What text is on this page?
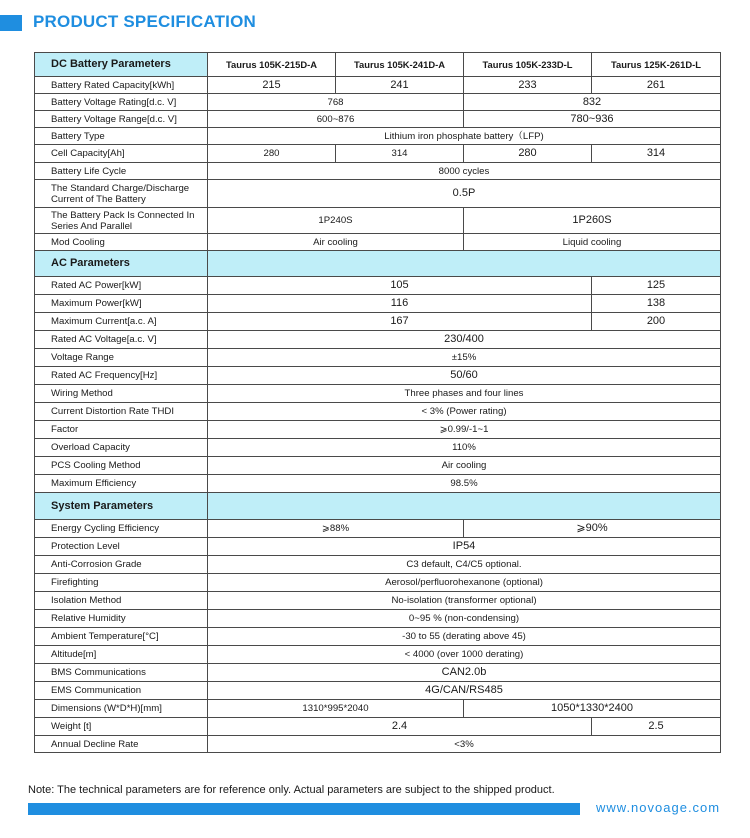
PRODUCT SPECIFICATION
DC Battery Parameters	Taurus 105K-215D-A	Taurus 105K-241D-A	Taurus 105K-233D-L	Taurus 125K-261D-L
Battery Rated Capacity[kWh]	215	241	233	261
Battery Voltage Rating[d.c. V]	768		832	
Battery Voltage Range[d.c. V]	600~876		780~936	
Battery Type	Lithium iron phosphate battery（LFP)			
Cell Capacity[Ah]	280	314	280	314
Battery Life Cycle	8000 cycles			
The Standard Charge/Discharge Current of The Battery	0.5P			
The Battery Pack Is Connected In Series And Parallel	1P240S		1P260S	
Mod Cooling	Air cooling		Liquid cooling	
AC Parameters				
Rated AC Power[kW]	105			125
Maximum Power[kW]	116			138
Maximum Current[a.c. A]	167			200
Rated AC Voltage[a.c. V]	230/400			
Voltage Range	±15%			
Rated AC Frequency[Hz]	50/60			
Wiring Method	Three phases and four lines			
Current Distortion Rate THDI	< 3% (Power rating)			
Factor	⩾0.99/-1~1			
Overload Capacity	110%			
PCS Cooling Method	Air cooling			
Maximum Efficiency	98.5%			
System Parameters				
Energy Cycling Efficiency	⩾88%		⩾90%	
Protection Level	IP54			
Anti-Corrosion Grade	C3 default, C4/C5 optional.			
Firefighting	Aerosol/perfluorohexanone (optional)			
Isolation Method	No-isolation (transformer optional)			
Relative Humidity	0~95 % (non-condensing)			
Ambient Temperature[°C]	-30 to 55 (derating above 45)			
Altitude[m]	< 4000 (over 1000 derating)			
BMS Communications	CAN2.0b			
EMS Communication	4G/CAN/RS485			
Dimensions (W*D*H)[mm]	1310*995*2040		1050*1330*2400	
Weight [t]	2.4			2.5
Annual Decline Rate	<3%			
Note: The technical parameters are for reference only. Actual parameters are subject to the shipped product.
www.novoage.com
